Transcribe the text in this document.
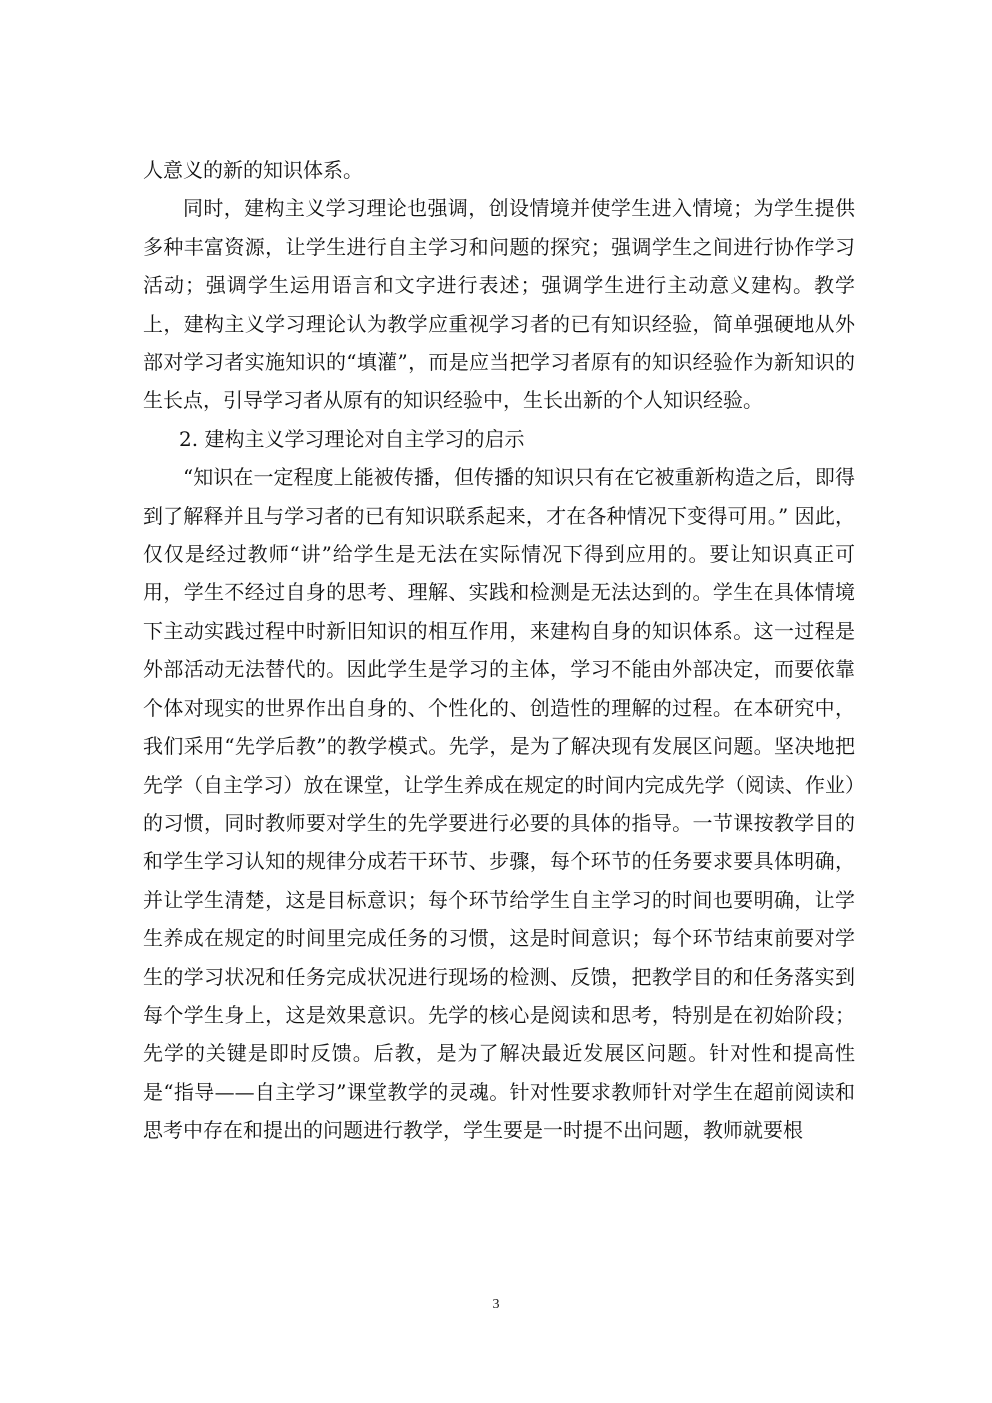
人意义的新的知识体系。

同时，建构主义学习理论也强调，创设情境并使学生进入情境；为学生提供多种丰富资源，让学生进行自主学习和问题的探究；强调学生之间进行协作学习活动；强调学生运用语言和文字进行表述；强调学生进行主动意义建构。教学上，建构主义学习理论认为教学应重视学习者的已有知识经验，简单强硬地从外部对学习者实施知识的“填灌”，而是应当把学习者原有的知识经验作为新知识的生长点，引导学习者从原有的知识经验中，生长出新的个人知识经验。

2. 建构主义学习理论对自主学习的启示

“知识在一定程度上能被传播，但传播的知识只有在它被重新构造之后，即得到了解释并且与学习者的已有知识联系起来，才在各种情况下变得可用。” 因此，仅仅是经过教师“讲”给学生是无法在实际情况下得到应用的。要让知识真正可用，学生不经过自身的思考、理解、实践和检测是无法达到的。学生在具体情境下主动实践过程中时新旧知识的相互作用，来建构自身的知识体系。这一过程是外部活动无法替代的。因此学生是学习的主体，学习不能由外部决定，而要依靠个体对现实的世界作出自身的、个性化的、创造性的理解的过程。在本研究中，我们采用“先学后教”的教学模式。先学，是为了解决现有发展区问题。坚决地把先学（自主学习）放在课堂，让学生养成在规定的时间内完成先学（阅读、作业）的习惯，同时教师要对学生的先学要进行必要的具体的指导。一节课按教学目的和学生学习认知的规律分成若干环节、步骤，每个环节的任务要求要具体明确，并让学生清楚，这是目标意识；每个环节给学生自主学习的时间也要明确，让学生养成在规定的时间里完成任务的习惯，这是时间意识；每个环节结束前要对学生的学习状况和任务完成状况进行现场的检测、反馈，把教学目的和任务落实到每个学生身上，这是效果意识。先学的核心是阅读和思考，特别是在初始阶段；先学的关键是即时反馈。后教，是为了解决最近发展区问题。针对性和提高性是“指导——自主学习”课堂教学的灵魂。针对性要求教师针对学生在超前阅读和思考中存在和提出的问题进行教学，学生要是一时提不出问题，教师就要根

3
